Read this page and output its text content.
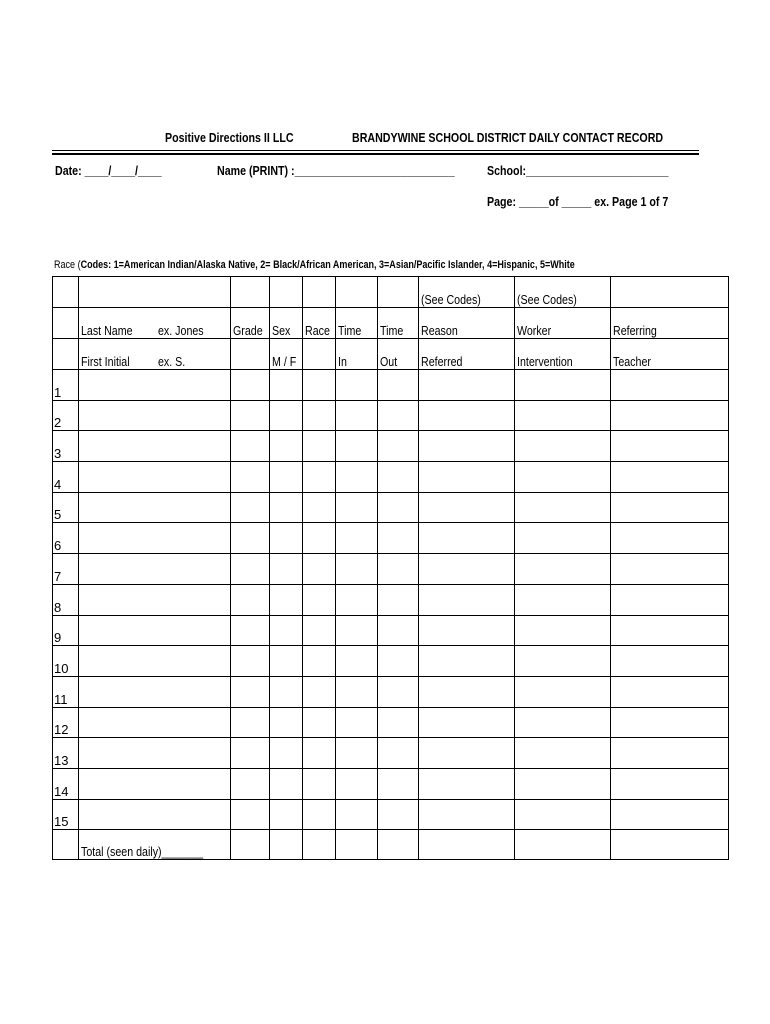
Positive Directions II LLC	BRANDYWINE SCHOOL DISTRICT DAILY CONTACT RECORD
Date: ____/____/____	Name (PRINT) :___________________________ School:________________________
Page: _____of _____ ex. Page 1 of 7
Race (Codes: 1=American Indian/Alaska Native, 2= Black/African American, 3=Asian/Pacific Islander, 4=Hispanic, 5=White
								(See Codes)	(See Codes)	
	Last Name	ex. Jones	Grade	Sex	Race	Time	Time	Reason	Worker	Referring
	First Initial	ex. S.		M / F		In	Out	Referred	Intervention	Teacher
1										
2										
3										
4										
5										
6										
7										
8										
9										
10										
11										
12										
13										
14										
15										
	Total (seen daily)_______									
